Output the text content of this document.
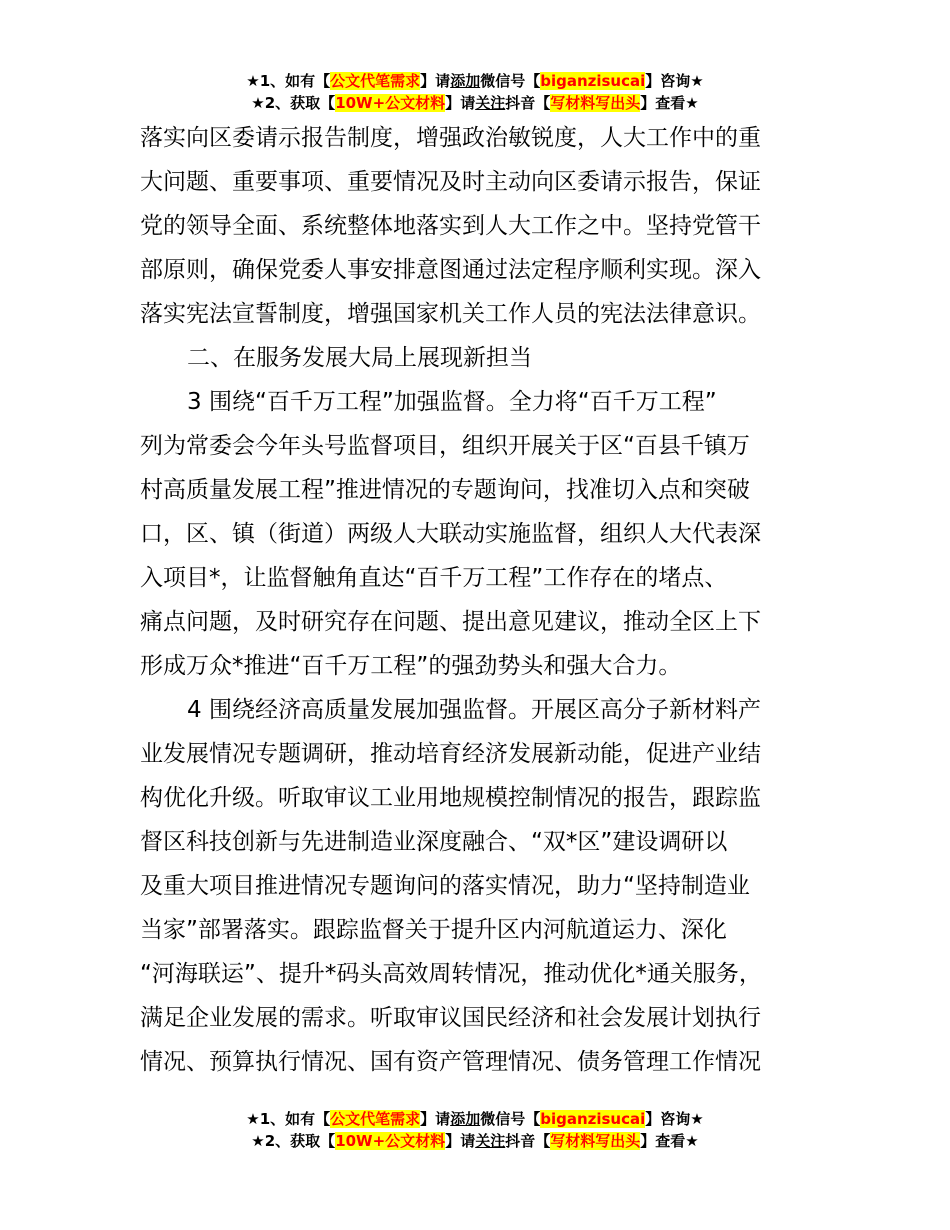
★1、如有【公文代笔需求】请添加微信号【biganzisucai】咨询★
★2、获取【10W+公文材料】请关注抖音【写材料写出头】查看★
落实向区委请示报告制度，增强政治敏锐度，人大工作中的重
大问题、重要事项、重要情况及时主动向区委请示报告，保证
党的领导全面、系统整体地落实到人大工作之中。坚持党管干
部原则，确保党委人事安排意图通过法定程序顺利实现。深入
落实宪法宣誓制度，增强国家机关工作人员的宪法法律意识。
二、在服务发展大局上展现新担当
3 围绕“百千万工程”加强监督。全力将“百千万工程”
列为常委会今年头号监督项目，组织开展关于区“百县千镇万
村高质量发展工程”推进情况的专题询问，找准切入点和突破
口，区、镇（街道）两级人大联动实施监督，组织人大代表深
入项目*，让监督触角直达“百千万工程”工作存在的堵点、
痛点问题，及时研究存在问题、提出意见建议，推动全区上下
形成万众*推进“百千万工程”的强劲势头和强大合力。
4 围绕经济高质量发展加强监督。开展区高分子新材料产
业发展情况专题调研，推动培育经济发展新动能，促进产业结
构优化升级。听取审议工业用地规模控制情况的报告，跟踪监
督区科技创新与先进制造业深度融合、“双*区”建设调研以
及重大项目推进情况专题询问的落实情况，助力“坚持制造业
当家”部署落实。跟踪监督关于提升区内河航道运力、深化
“河海联运”、提升*码头高效周转情况，推动优化*通关服务，
满足企业发展的需求。听取审议国民经济和社会发展计划执行
情况、预算执行情况、国有资产管理情况、债务管理工作情况
★1、如有【公文代笔需求】请添加微信号【biganzisucai】咨询★
★2、获取【10W+公文材料】请关注抖音【写材料写出头】查看★
